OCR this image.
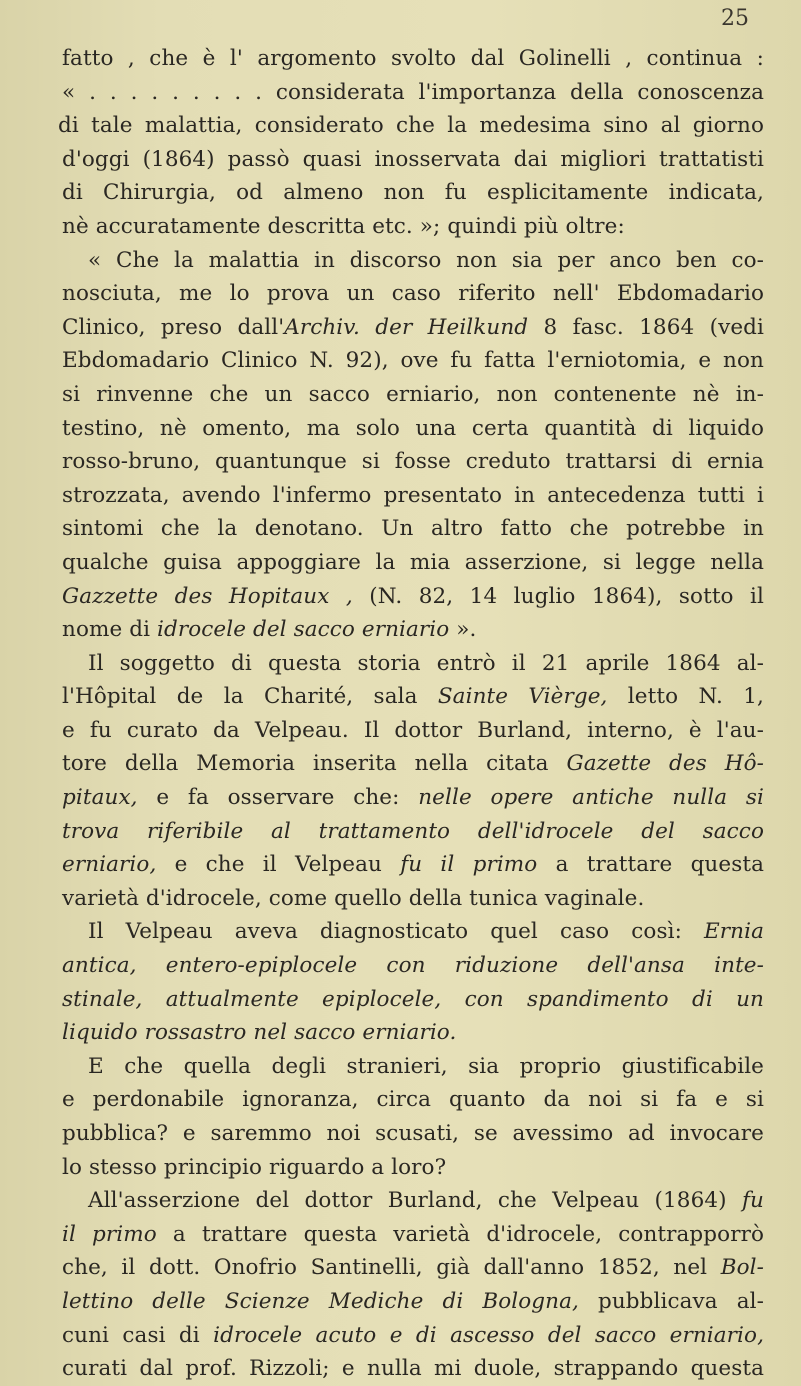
25
fatto , che è l' argomento svolto dal Golinelli , continua :
« . . . . . . . . . considerata l'importanza della conoscenza
di tale malattia, considerato che la medesima sino al giorno
d'oggi (1864) passò quasi inosservata dai migliori trattatisti
di Chirurgia, od almeno non fu esplicitamente indicata,
nè accuratamente descritta etc. »; quindi più oltre:
« Che la malattia in discorso non sia per anco ben co-
nosciuta, me lo prova un caso riferito nell' Ebdomadario
Clinico, preso dall'Archiv. der Heilkund 8 fasc. 1864 (vedi
Ebdomadario Clinico N. 92), ove fu fatta l'erniotomia, e non
si rinvenne che un sacco erniario, non contenente nè in-
testino, nè omento, ma solo una certa quantità di liquido
rosso-bruno, quantunque si fosse creduto trattarsi di ernia
strozzata, avendo l'infermo presentato in antecedenza tutti i
sintomi che la denotano. Un altro fatto che potrebbe in
qualche guisa appoggiare la mia asserzione, si legge nella
Gazzette des Hopitaux , (N. 82, 14 luglio 1864), sotto il
nome di idrocele del sacco erniario ».
Il soggetto di questa storia entrò il 21 aprile 1864 al-
l'Hôpital de la Charité, sala Sainte Vièrge, letto N. 1,
e fu curato da Velpeau. Il dottor Burland, interno, è l'au-
tore della Memoria inserita nella citata Gazette des Hô-
pitaux, e fa osservare che: nelle opere antiche nulla si
trova riferibile al trattamento dell'idrocele del sacco
erniario, e che il Velpeau fu il primo a trattare questa
varietà d'idrocele, come quello della tunica vaginale.
Il Velpeau aveva diagnosticato quel caso così: Ernia
antica, entero-epiplocele con riduzione dell'ansa inte-
stinale, attualmente epiplocele, con spandimento di un
liquido rossastro nel sacco erniario.
E che quella degli stranieri, sia proprio giustificabile
e perdonabile ignoranza, circa quanto da noi si fa e si
pubblica? e saremmo noi scusati, se avessimo ad invocare
lo stesso principio riguardo a loro?
All'asserzione del dottor Burland, che Velpeau (1864) fu
il primo a trattare questa varietà d'idrocele, contrapporrò
che, il dott. Onofrio Santinelli, già dall'anno 1852, nel Bol-
lettino delle Scienze Mediche di Bologna, pubblicava al-
cuni casi di idrocele acuto e di ascesso del sacco erniario,
curati dal prof. Rizzoli; e nulla mi duole, strappando questa
